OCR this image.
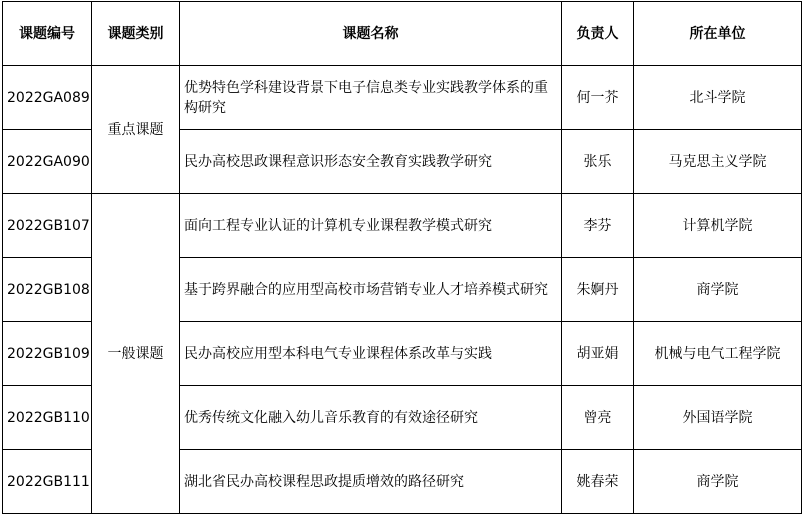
课题编号	课题类别	课题名称	负责人	所在单位
2022GA089	重点课题	优势特色学科建设背景下电子信息类专业实践教学体系的重构研究	何一芥	北斗学院
2022GA090		民办高校思政课程意识形态安全教育实践教学研究	张乐	马克思主义学院
2022GB107	一般课题	面向工程专业认证的计算机专业课程教学模式研究	李芬	计算机学院
2022GB108		基于跨界融合的应用型高校市场营销专业人才培养模式研究	朱婀丹	商学院
2022GB109		民办高校应用型本科电气专业课程体系改革与实践	胡亚娟	机械与电气工程学院
2022GB110		优秀传统文化融入幼儿音乐教育的有效途径研究	曾亮	外国语学院
2022GB111		湖北省民办高校课程思政提质增效的路径研究	姚春荣	商学院
